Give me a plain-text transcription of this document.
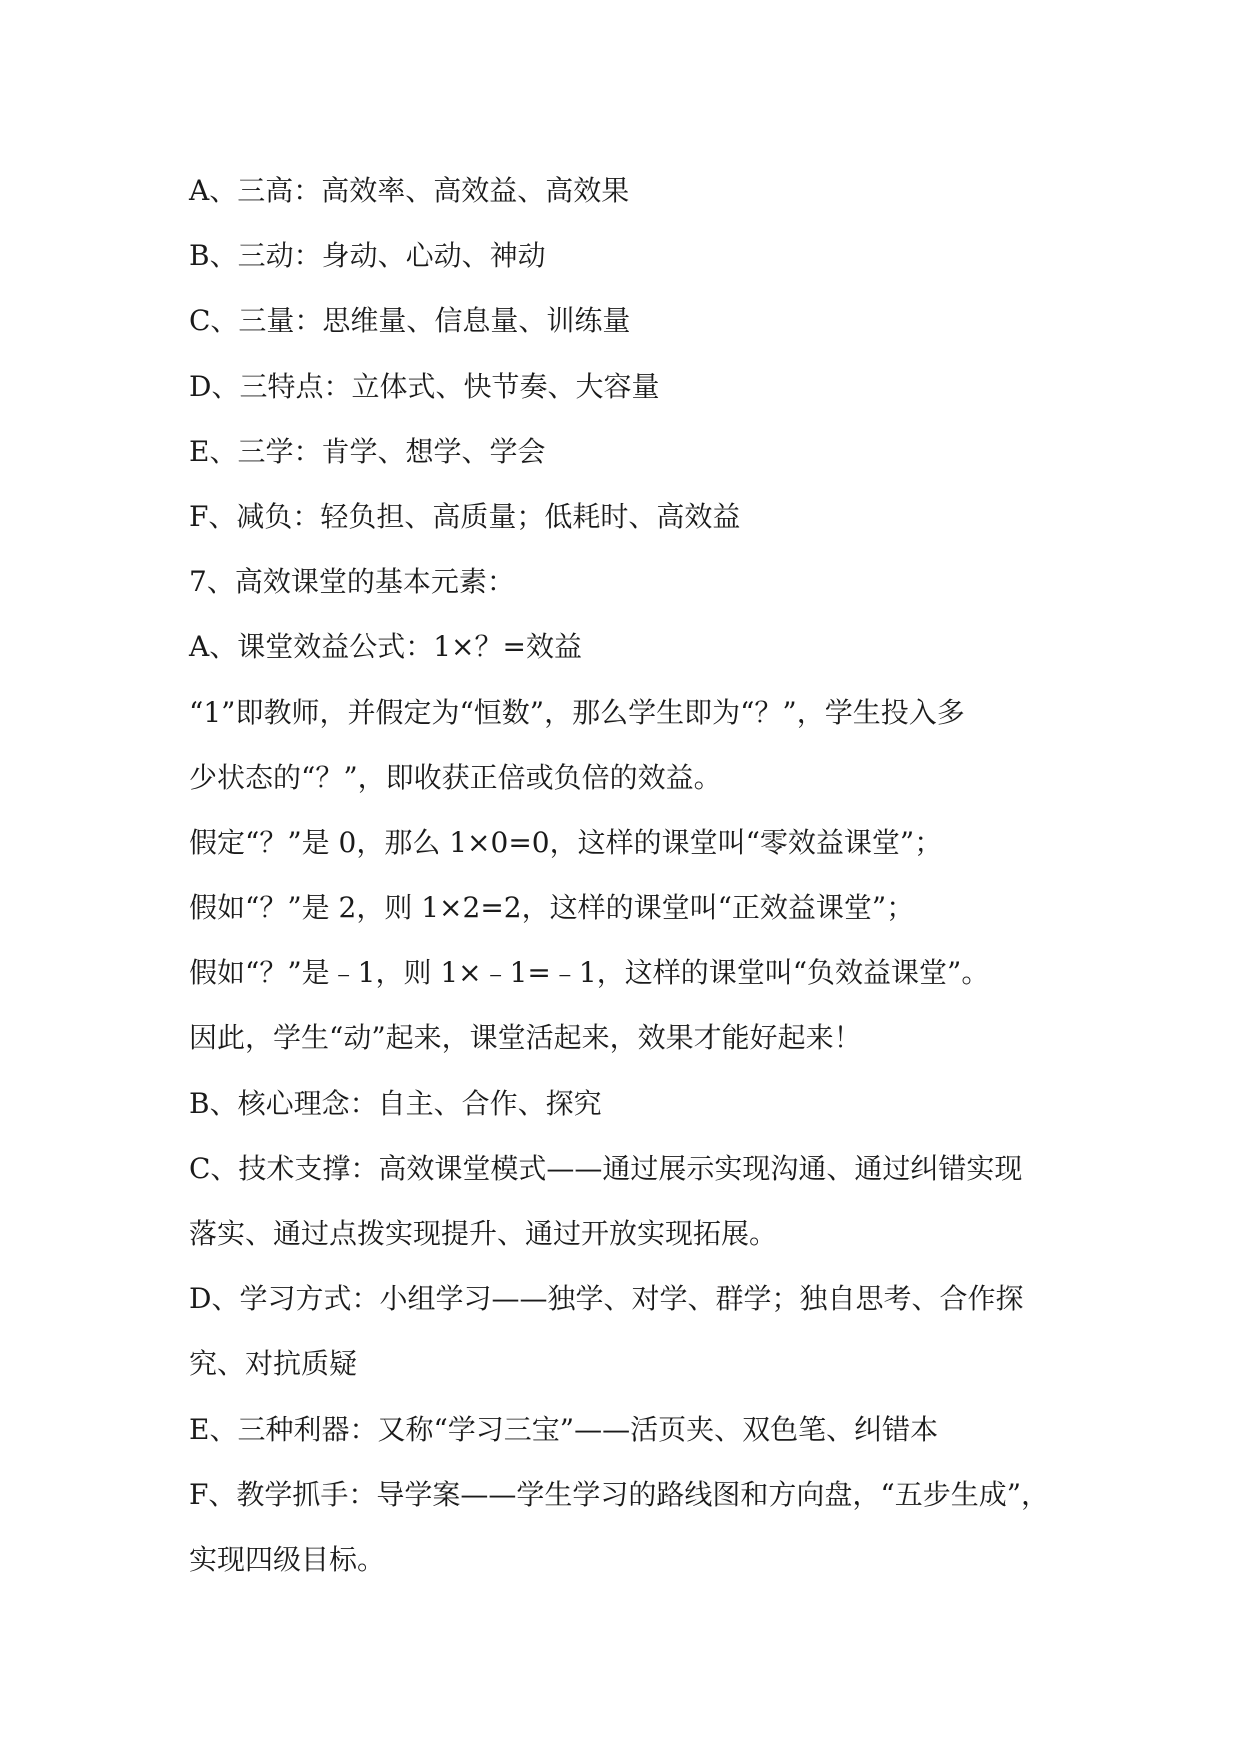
A、三高：高效率、高效益、高效果

B、三动：身动、心动、神动

C、三量：思维量、信息量、训练量

D、三特点：立体式、快节奏、大容量

E、三学：肯学、想学、学会

F、减负：轻负担、高质量；低耗时、高效益

7、高效课堂的基本元素：

A、课堂效益公式：1×？=效益

“1”即教师，并假定为“恒数”，那么学生即为“？”，学生投入多

少状态的“？”，即收获正倍或负倍的效益。

假定“？”是 0，那么 1×0=0，这样的课堂叫“零效益课堂”；

假如“？”是 2，则 1×2=2，这样的课堂叫“正效益课堂”；

假如“？”是﹣1，则 1×﹣1=﹣1，这样的课堂叫“负效益课堂”。

因此，学生“动”起来，课堂活起来，效果才能好起来！

B、核心理念：自主、合作、探究

C、技术支撑：高效课堂模式——通过展示实现沟通、通过纠错实现

落实、通过点拨实现提升、通过开放实现拓展。

D、学习方式：小组学习——独学、对学、群学；独自思考、合作探

究、对抗质疑

E、三种利器：又称“学习三宝”——活页夹、双色笔、纠错本

F、教学抓手：导学案——学生学习的路线图和方向盘，“五步生成”，

实现四级目标。
